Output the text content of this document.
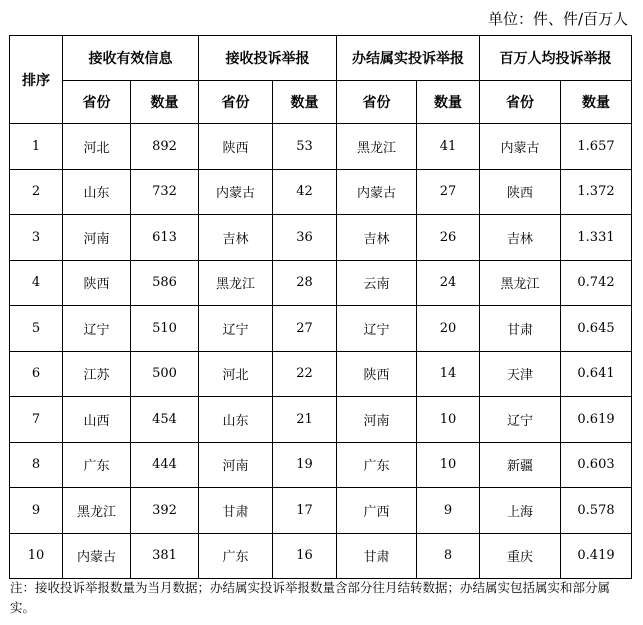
单位：件、件/百万人
排序	接收有效信息		接收投诉举报		办结属实投诉举报		百万人均投诉举报	
	省份	数量	省份	数量	省份	数量	省份	数量
1	河北	892	陕西	53	黑龙江	41	内蒙古	1.657
2	山东	732	内蒙古	42	内蒙古	27	陕西	1.372
3	河南	613	吉林	36	吉林	26	吉林	1.331
4	陕西	586	黑龙江	28	云南	24	黑龙江	0.742
5	辽宁	510	辽宁	27	辽宁	20	甘肃	0.645
6	江苏	500	河北	22	陕西	14	天津	0.641
7	山西	454	山东	21	河南	10	辽宁	0.619
8	广东	444	河南	19	广东	10	新疆	0.603
9	黑龙江	392	甘肃	17	广西	9	上海	0.578
10	内蒙古	381	广东	16	甘肃	8	重庆	0.419
注：接收投诉举报数量为当月数据；办结属实投诉举报数量含部分往月结转数据；办结属实包括属实和部分属实。
